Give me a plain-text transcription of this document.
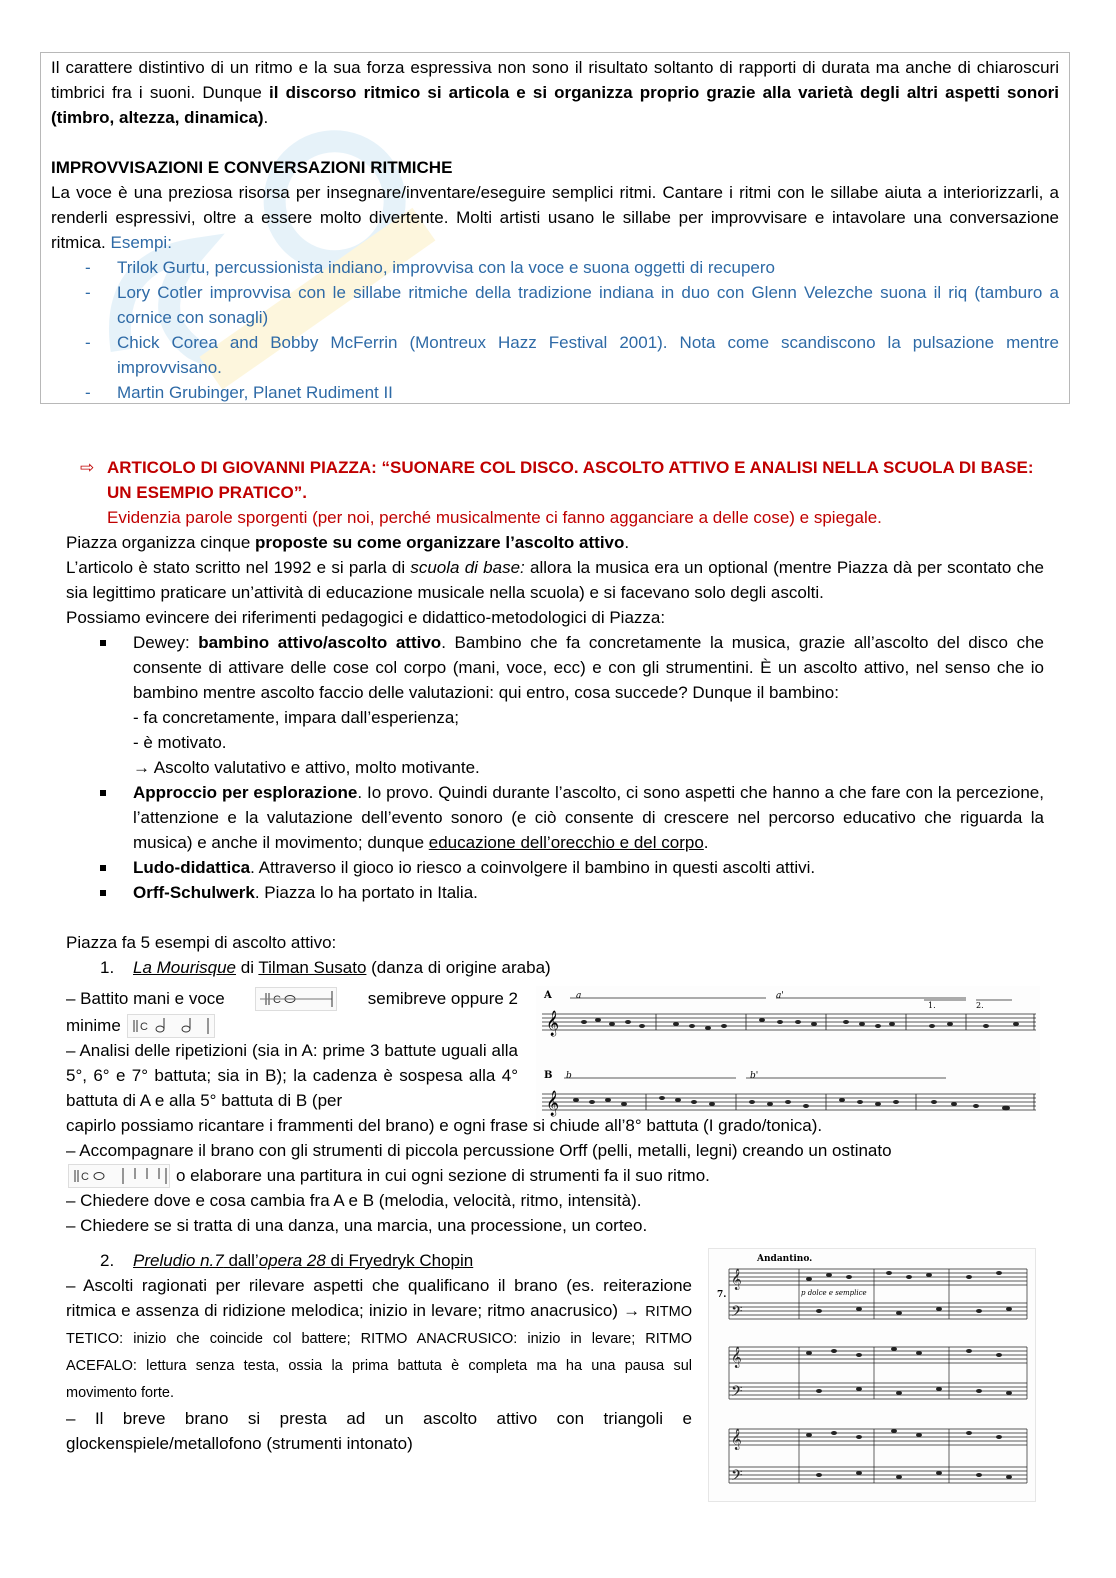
Il carattere distintivo di un ritmo e la sua forza espressiva non sono il risultato soltanto di rapporti di durata ma anche di chiaroscuri timbrici fra i suoni. Dunque il discorso ritmico si articola e si organizza proprio grazie alla varietà degli altri aspetti sonori (timbro, altezza, dinamica).
IMPROVVISAZIONI E CONVERSAZIONI RITMICHE
La voce è una preziosa risorsa per insegnare/inventare/eseguire semplici ritmi. Cantare i ritmi con le sillabe aiuta a interiorizzarli, a renderli espressivi, oltre a essere molto divertente. Molti artisti usano le sillabe per improvvisare e intavolare una conversazione ritmica. Esempi:
- Trilok Gurtu, percussionista indiano, improvvisa con la voce e suona oggetti di recupero
- Lory Cotler improvvisa con le sillabe ritmiche della tradizione indiana in duo con Glenn Velezche suona il riq (tamburo a cornice con sonagli)
- Chick Corea and Bobby McFerrin (Montreux Hazz Festival 2001). Nota come scandiscono la pulsazione mentre improvvisano.
- Martin Grubinger, Planet Rudiment II
⇨ ARTICOLO DI GIOVANNI PIAZZA: “SUONARE COL DISCO. ASCOLTO ATTIVO E ANALISI NELLA SCUOLA DI BASE: UN ESEMPIO PRATICO”.
Evidenzia parole sporgenti (per noi, perché musicalmente ci fanno agganciare a delle cose) e spiegale.
Piazza organizza cinque proposte su come organizzare l’ascolto attivo.
L’articolo è stato scritto nel 1992 e si parla di scuola di base: allora la musica era un optional (mentre Piazza dà per scontato che sia legittimo praticare un’attività di educazione musicale nella scuola) e si facevano solo degli ascolti.
Possiamo evincere dei riferimenti pedagogici e didattico-metodologici di Piazza:
Dewey: bambino attivo/ascolto attivo. Bambino che fa concretamente la musica, grazie all’ascolto del disco che consente di attivare delle cose col corpo (mani, voce, ecc) e con gli strumentini. È un ascolto attivo, nel senso che io bambino mentre ascolto faccio delle valutazioni: qui entro, cosa succede? Dunque il bambino:
- fa concretamente, impara dall’esperienza;
- è motivato.
→ Ascolto valutativo e attivo, molto motivante.
Approccio per esplorazione. Io provo. Quindi durante l’ascolto, ci sono aspetti che hanno a che fare con la percezione, l’attenzione e la valutazione dell’evento sonoro (e ciò consente di crescere nel percorso educativo che riguarda la musica) e anche il movimento; dunque educazione dell’orecchio e del corpo.
Ludo-didattica. Attraverso il gioco io riesco a coinvolgere il bambino in questi ascolti attivi.
Orff-Schulwerk. Piazza lo ha portato in Italia.
Piazza fa 5 esempi di ascolto attivo:
1. La Mourisque di Tilman Susato (danza di origine araba)
– Battito mani e voce	C	semibreve oppure 2
minime C
– Analisi delle ripetizioni (sia in A: prime 3 battute uguali alla 5°, 6° e 7° battuta; sia in B); la cadenza è sospesa alla 4° battuta di A e alla 5° battuta di B (per
capirlo possiamo ricantare i frammenti del brano) e ogni frase si chiude all’8° battuta (I grado/tonica).
– Accompagnare il brano con gli strumenti di piccola percussione Orff (pelli, metalli, legni) creando un ostinato
C	o elaborare una partitura in cui ogni sezione di strumenti fa il suo ritmo.
– Chiedere dove e cosa cambia fra A e B (melodia, velocità, ritmo, intensità).
– Chiedere se si tratta di una danza, una marcia, una processione, un corteo.
2. Preludio n.7 dall’opera 28 di Fryedryk Chopin
– Ascolti ragionati per rilevare aspetti che qualificano il brano (es. reiterazione ritmica e assenza di ridizione melodica; inizio in levare; ritmo anacrusico) → RITMO TETICO: inizio che coincide col battere; RITMO ANACRUSICO: inizio in levare; RITMO ACEFALO: lettura senza testa, ossia la prima battuta è completa ma ha una pausa sul movimento forte.
– Il breve brano si presta ad un ascolto attivo con triangoli e glockenspiele/metallofono (strumenti intonato)
A	a	a'
1.	2.
𝄞
B b	b'
𝄞
Andantino.
7.	p dolce e semplice
𝄞
𝄢
𝄞
𝄢
𝄞
𝄢
